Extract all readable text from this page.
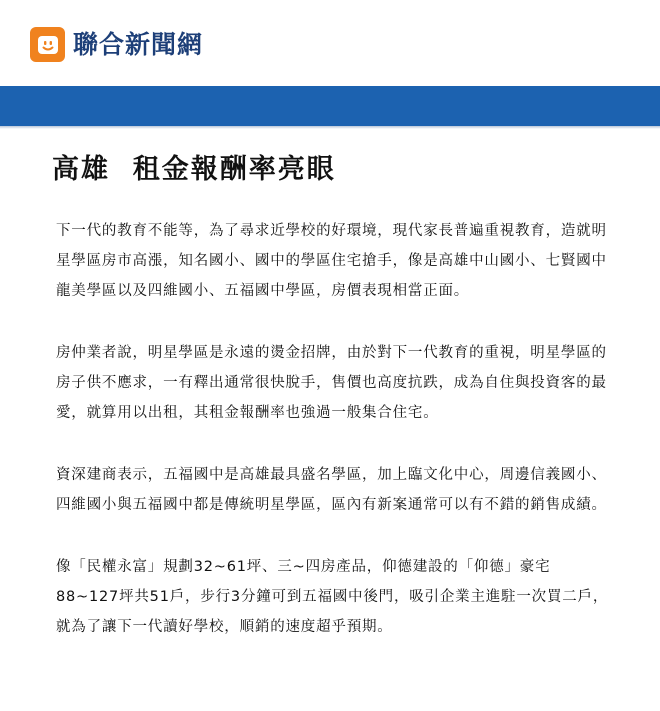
聯合新聞網
高雄  租金報酬率亮眼

下一代的教育不能等，為了尋求近學校的好環境，現代家長普遍重視教育，造就明星學區房市高漲，知名國小、國中的學區住宅搶手，像是高雄中山國小、七賢國中龍美學區以及四維國小、五福國中學區，房價表現相當正面。

房仲業者說，明星學區是永遠的燙金招牌，由於對下一代教育的重視，明星學區的房子供不應求，一有釋出通常很快脫手，售價也高度抗跌，成為自住與投資客的最愛，就算用以出租，其租金報酬率也強過一般集合住宅。

資深建商表示，五福國中是高雄最具盛名學區，加上臨文化中心，周邊信義國小、四維國小與五福國中都是傳統明星學區，區內有新案通常可以有不錯的銷售成績。

像「民權永富」規劃32~61坪、三~四房產品，仰德建設的「仰德」豪宅88~127坪共51戶，步行3分鐘可到五福國中後門，吸引企業主進駐一次買二戶，就為了讓下一代讀好學校，順銷的速度超乎預期。
